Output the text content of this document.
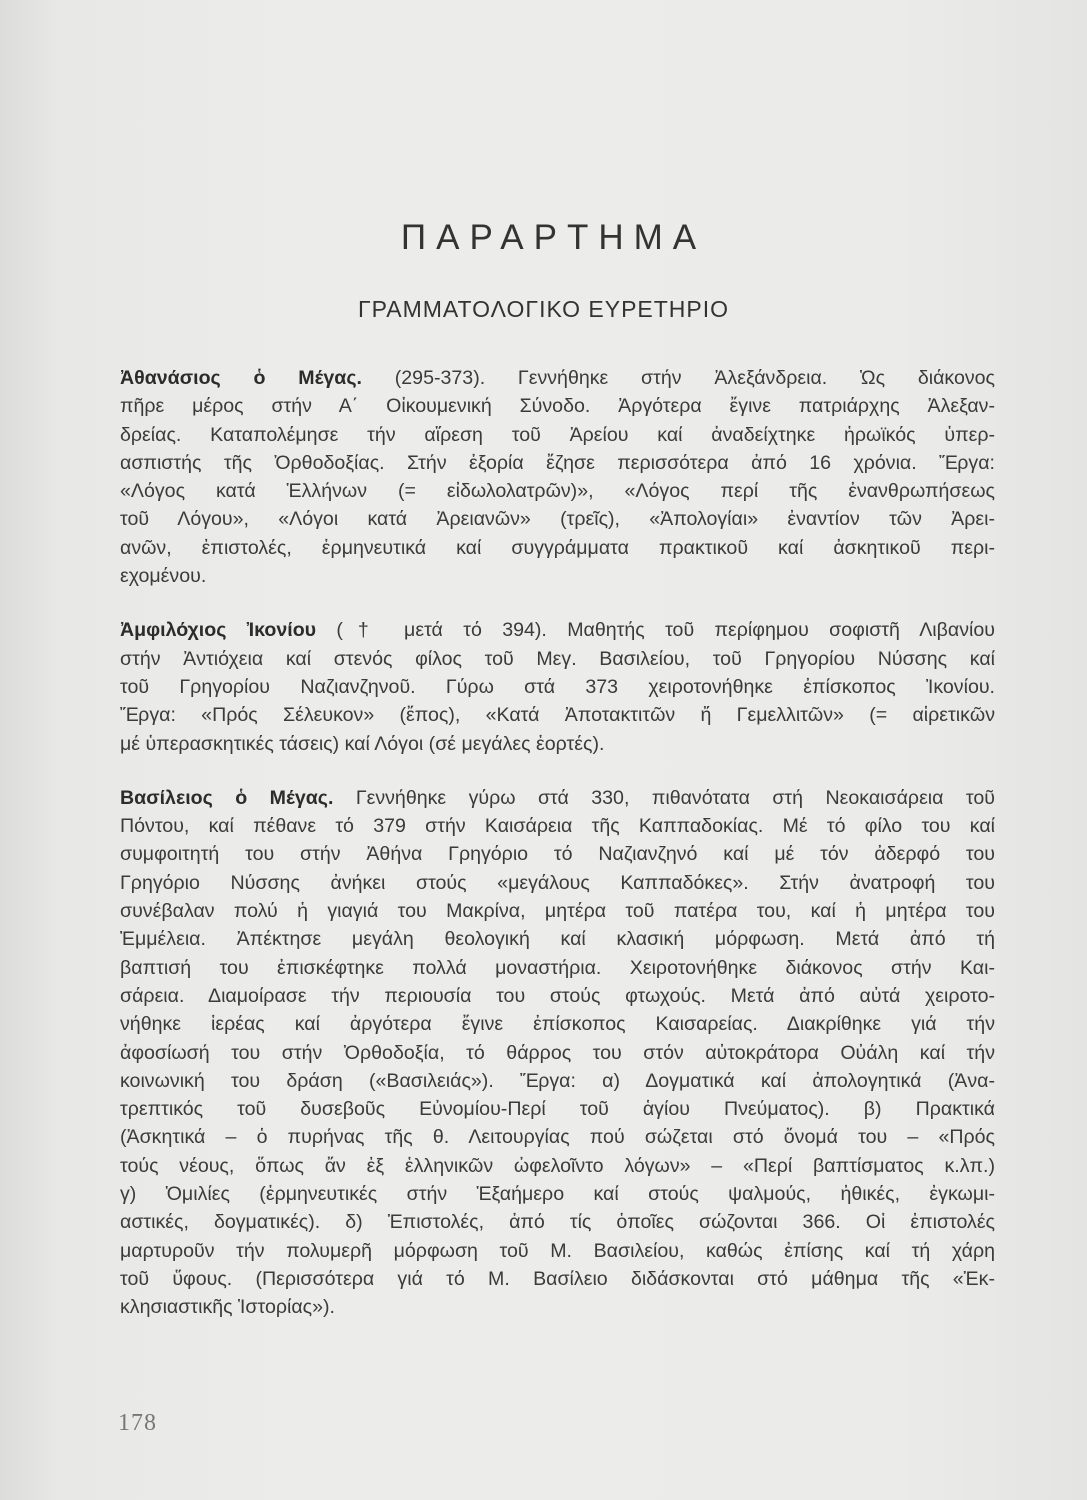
ΠΑΡΑΡΤΗΜΑ
ΓΡΑΜΜΑΤΟΛΟΓΙΚΟ ΕΥΡΕΤΗΡΙΟ

Ἀθανάσιος ὁ Μέγας. (295-373). Γεννήθηκε στήν Ἀλεξάνδρεια. Ὡς διάκονος
πῆρε μέρος στήν Α΄ Οἰκουμενική Σύνοδο. Ἀργότερα ἔγινε πατριάρχης Ἀλεξαν-
δρείας. Καταπολέμησε τήν αἵρεση τοῦ Ἀρείου καί ἀναδείχτηκε ἡρωϊκός ὑπερ-
ασπιστής τῆς Ὀρθοδοξίας. Στήν ἐξορία ἔζησε περισσότερα ἀπό 16 χρόνια. Ἔργα:
«Λόγος κατά Ἑλλήνων (= εἰδωλολατρῶν)», «Λόγος περί τῆς ἐνανθρωπήσεως
τοῦ Λόγου», «Λόγοι κατά Ἀρειανῶν» (τρεῖς), «Ἀπολογίαι» ἐναντίον τῶν Ἀρει-
ανῶν, ἐπιστολές, ἑρμηνευτικά καί συγγράμματα πρακτικοῦ καί ἀσκητικοῦ περι-
εχομένου.

Ἀμφιλόχιος Ἰκονίου († μετά τό 394). Μαθητής τοῦ περίφημου σοφιστῆ Λιβανίου
στήν Ἀντιόχεια καί στενός φίλος τοῦ Μεγ. Βασιλείου, τοῦ Γρηγορίου Νύσσης καί
τοῦ Γρηγορίου Ναζιανζηνοῦ. Γύρω στά 373 χειροτονήθηκε ἐπίσκοπος Ἰκονίου.
Ἔργα: «Πρός Σέλευκον» (ἔπος), «Κατά Ἀποτακτιτῶν ἤ Γεμελλιτῶν» (= αἱρετικῶν
μέ ὑπερασκητικές τάσεις) καί Λόγοι (σέ μεγάλες ἑορτές).

Βασίλειος ὁ Μέγας. Γεννήθηκε γύρω στά 330, πιθανότατα στή Νεοκαισάρεια τοῦ
Πόντου, καί πέθανε τό 379 στήν Καισάρεια τῆς Καππαδοκίας. Μέ τό φίλο του καί
συμφοιτητή του στήν Ἀθήνα Γρηγόριο τό Ναζιανζηνό καί μέ τόν ἀδερφό του
Γρηγόριο Νύσσης ἀνήκει στούς «μεγάλους Καππαδόκες». Στήν ἀνατροφή του
συνέβαλαν πολύ ἡ γιαγιά του Μακρίνα, μητέρα τοῦ πατέρα του, καί ἡ μητέρα του
Ἐμμέλεια. Ἀπέκτησε μεγάλη θεολογική καί κλασική μόρφωση. Μετά ἀπό τή
βαπτισή του ἐπισκέφτηκε πολλά μοναστήρια. Χειροτονήθηκε διάκονος στήν Και-
σάρεια. Διαμοίρασε τήν περιουσία του στούς φτωχούς. Μετά ἀπό αὐτά χειροτο-
νήθηκε ἱερέας καί ἀργότερα ἔγινε ἐπίσκοπος Καισαρείας. Διακρίθηκε γιά τήν
ἀφοσίωσή του στήν Ὀρθοδοξία, τό θάρρος του στόν αὐτοκράτορα Οὐάλη καί τήν
κοινωνική του δράση («Βασιλειάς»). Ἔργα: α) Δογματικά καί ἀπολογητικά (Ἀνα-
τρεπτικός τοῦ δυσεβοῦς Εὐνομίου-Περί τοῦ ἁγίου Πνεύματος). β) Πρακτικά
(Ἀσκητικά – ὁ πυρήνας τῆς θ. Λειτουργίας πού σώζεται στό ὄνομά του – «Πρός
τούς νέους, ὅπως ἄν ἐξ ἑλληνικῶν ὠφελοῖντο λόγων» – «Περί βαπτίσματος κ.λπ.)
γ) Ὁμιλίες (ἑρμηνευτικές στήν Ἑξαήμερο καί στούς ψαλμούς, ἠθικές, ἐγκωμι-
αστικές, δογματικές). δ) Ἐπιστολές, ἀπό τίς ὁποῖες σώζονται 366. Οἱ ἐπιστολές
μαρτυροῦν τήν πολυμερῆ μόρφωση τοῦ Μ. Βασιλείου, καθώς ἐπίσης καί τή χάρη
τοῦ ὕφους. (Περισσότερα γιά τό Μ. Βασίλειο διδάσκονται στό μάθημα τῆς «Ἐκ-
κλησιαστικῆς Ἱστορίας»).

178
